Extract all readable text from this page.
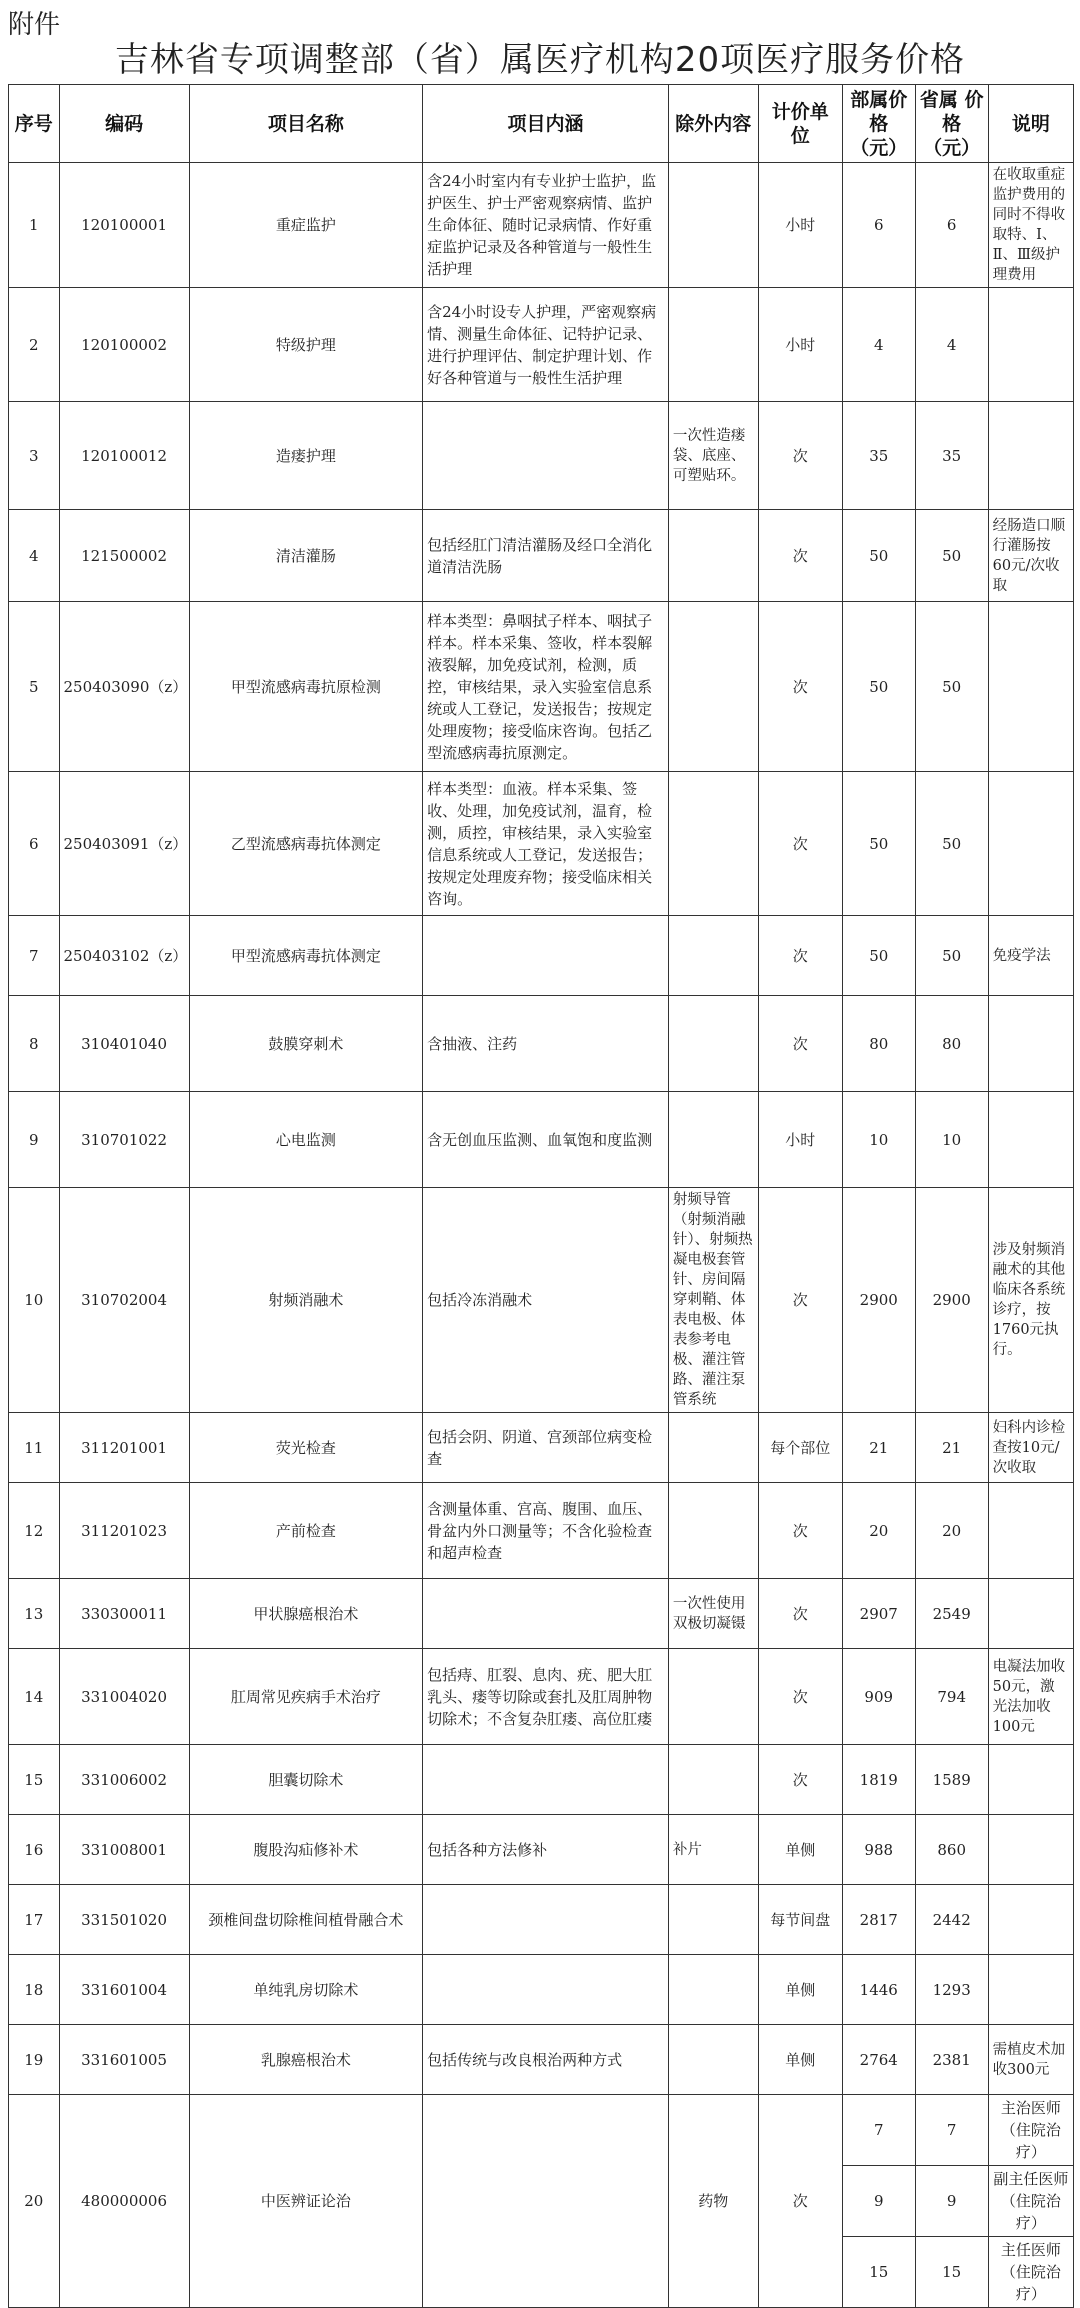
附件
吉林省专项调整部（省）属医疗机构20项医疗服务价格
序号	编码	项目名称	项目内涵	除外内容	计价单位	部属价格（元）	省属 价格（元）	说明
1	120100001	重症监护	含24小时室内有专业护士监护，监护医生、护士严密观察病情、监护生命体征、随时记录病情、作好重症监护记录及各种管道与一般性生活护理		小时	6	6	在收取重症监护费用的同时不得收取特、Ⅰ、Ⅱ、Ⅲ级护理费用
2	120100002	特级护理	含24小时设专人护理，严密观察病情、测量生命体征、记特护记录、进行护理评估、制定护理计划、作好各种管道与一般性生活护理		小时	4	4	
3	120100012	造瘘护理		一次性造瘘袋、底座、可塑贴环。	次	35	35	
4	121500002	清洁灌肠	包括经肛门清洁灌肠及经口全消化道清洁洗肠		次	50	50	经肠造口顺行灌肠按60元/次收取
5	250403090（z）	甲型流感病毒抗原检测	样本类型：鼻咽拭子样本、咽拭子样本。样本采集、签收，样本裂解液裂解，加免疫试剂，检测，质控，审核结果，录入实验室信息系统或人工登记，发送报告；按规定处理废物；接受临床咨询。包括乙型流感病毒抗原测定。		次	50	50	
6	250403091（z）	乙型流感病毒抗体测定	样本类型：血液。样本采集、签收、处理，加免疫试剂，温育，检测，质控，审核结果，录入实验室信息系统或人工登记，发送报告；按规定处理废弃物；接受临床相关咨询。		次	50	50	
7	250403102（z）	甲型流感病毒抗体测定			次	50	50	免疫学法
8	310401040	鼓膜穿刺术	含抽液、注药		次	80	80	
9	310701022	心电监测	含无创血压监测、血氧饱和度监测		小时	10	10	
10	310702004	射频消融术	包括冷冻消融术	射频导管（射频消融针）、射频热凝电极套管针、房间隔穿刺鞘、体表电极、体表参考电极、灌注管路、灌注泵管系统	次	2900	2900	涉及射频消融术的其他临床各系统诊疗，按1760元执行。
11	311201001	荧光检查	包括会阴、阴道、宫颈部位病变检查		每个部位	21	21	妇科内诊检查按10元/次收取
12	311201023	产前检查	含测量体重、宫高、腹围、血压、骨盆内外口测量等；不含化验检查和超声检查		次	20	20	
13	330300011	甲状腺癌根治术		一次性使用双极切凝镊	次	2907	2549	
14	331004020	肛周常见疾病手术治疗	包括痔、肛裂、息肉、疣、肥大肛乳头、瘘等切除或套扎及肛周肿物切除术；不含复杂肛瘘、高位肛瘘		次	909	794	电凝法加收50元，激光法加收100元
15	331006002	胆囊切除术			次	1819	1589	
16	331008001	腹股沟疝修补术	包括各种方法修补	补片	单侧	988	860	
17	331501020	颈椎间盘切除椎间植骨融合术			每节间盘	2817	2442	
18	331601004	单纯乳房切除术			单侧	1446	1293	
19	331601005	乳腺癌根治术	包括传统与改良根治两种方式		单侧	2764	2381	需植皮术加收300元
20	480000006	中医辨证论治		药物	次	7	7	主治医师（住院治疗）
						9	9	副主任医师（住院治疗）
						15	15	主任医师（住院治疗）
